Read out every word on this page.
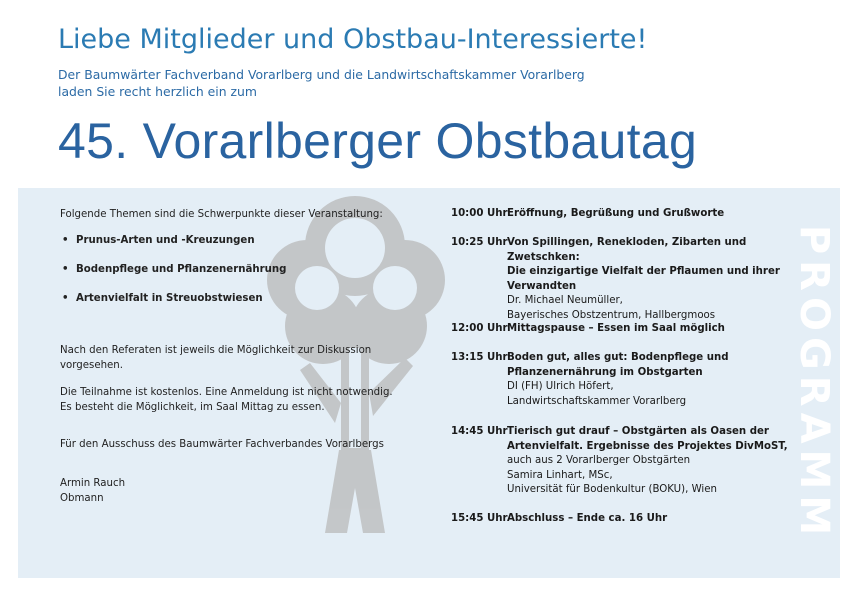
PROGRAMM
Liebe Mitglieder und Obstbau-Interessierte!
Der Baumwärter Fachverband Vorarlberg und die Landwirtschaftskammer Vorarlberg
laden Sie recht herzlich ein zum
45. Vorarlberger Obstbautag

Folgende Themen sind die Schwerpunkte dieser Veranstaltung:

• Prunus-Arten und -Kreuzungen
• Bodenpflege und Pflanzenernährung
• Artenvielfalt in Streuobstwiesen

Nach den Referaten ist jeweils die Möglichkeit zur Diskussion

vorgesehen.

Die Teilnahme ist kostenlos. Eine Anmeldung ist nicht notwendig.

Es besteht die Möglichkeit, im Saal Mittag zu essen.

Für den Ausschuss des Baumwärter Fachverbandes Vorarlbergs

Armin Rauch

Obmann

10:00 Uhr Eröffnung, Begrüßung und Grußworte
10:25 Uhr Von Spillingen, Renekloden, Zibarten und Zwetschken:
Die einzigartige Vielfalt der Pflaumen und ihrer
Verwandten
Dr. Michael Neumüller,
Bayerisches Obstzentrum, Hallbergmoos
12:00 Uhr Mittagspause – Essen im Saal möglich
13:15 Uhr Boden gut, alles gut: Bodenpflege und
Pflanzenernährung im Obstgarten
DI (FH) Ulrich Höfert,
Landwirtschaftskammer Vorarlberg
14:45 Uhr Tierisch gut drauf – Obstgärten als Oasen der
Artenvielfalt. Ergebnisse des Projektes DivMoST,
auch aus 2 Vorarlberger Obstgärten
Samira Linhart, MSc,
Universität für Bodenkultur (BOKU), Wien
15:45 Uhr Abschluss – Ende ca. 16 Uhr
